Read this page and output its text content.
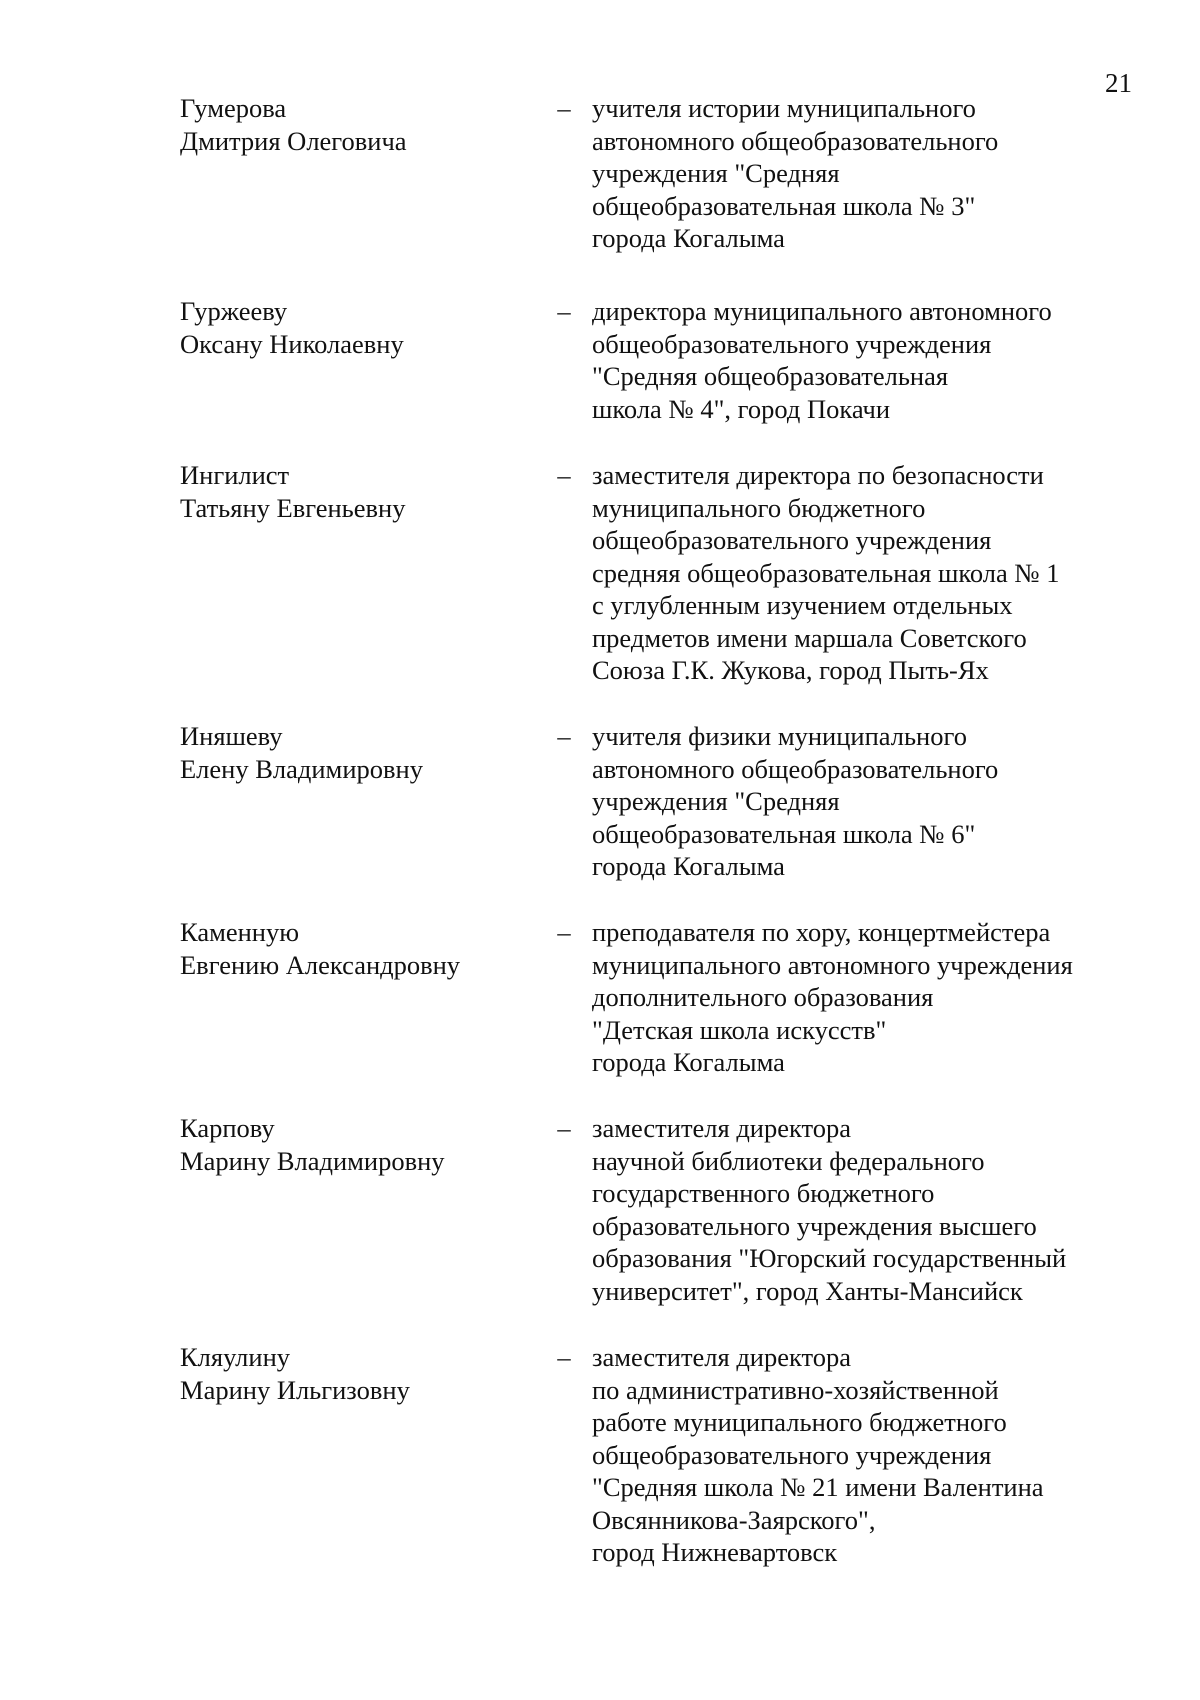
21
Гумерова
Дмитрия Олеговича
– учителя истории муниципального
автономного общеобразовательного
учреждения "Средняя
общеобразовательная школа № 3"
города Когалыма
Гуржееву
Оксану Николаевну
– директора муниципального автономного
общеобразовательного учреждения
"Средняя общеобразовательная
школа № 4", город Покачи
Ингилист
Татьяну Евгеньевну
– заместителя директора по безопасности
муниципального бюджетного
общеобразовательного учреждения
средняя общеобразовательная школа № 1
с углубленным изучением отдельных
предметов имени маршала Советского
Союза Г.К. Жукова, город Пыть-Ях
Иняшеву
Елену Владимировну
– учителя физики муниципального
автономного общеобразовательного
учреждения "Средняя
общеобразовательная школа № 6"
города Когалыма
Каменную
Евгению Александровну
– преподавателя по хору, концертмейстера
муниципального автономного учреждения
дополнительного образования
"Детская школа искусств"
города Когалыма
Карпову
Марину Владимировну
– заместителя директора
научной библиотеки федерального
государственного бюджетного
образовательного учреждения высшего
образования "Югорский государственный
университет", город Ханты-Мансийск
Кляулину
Марину Ильгизовну
– заместителя директора
по административно-хозяйственной
работе муниципального бюджетного
общеобразовательного учреждения
"Средняя школа № 21 имени Валентина
Овсянникова-Заярского",
город Нижневартовск
